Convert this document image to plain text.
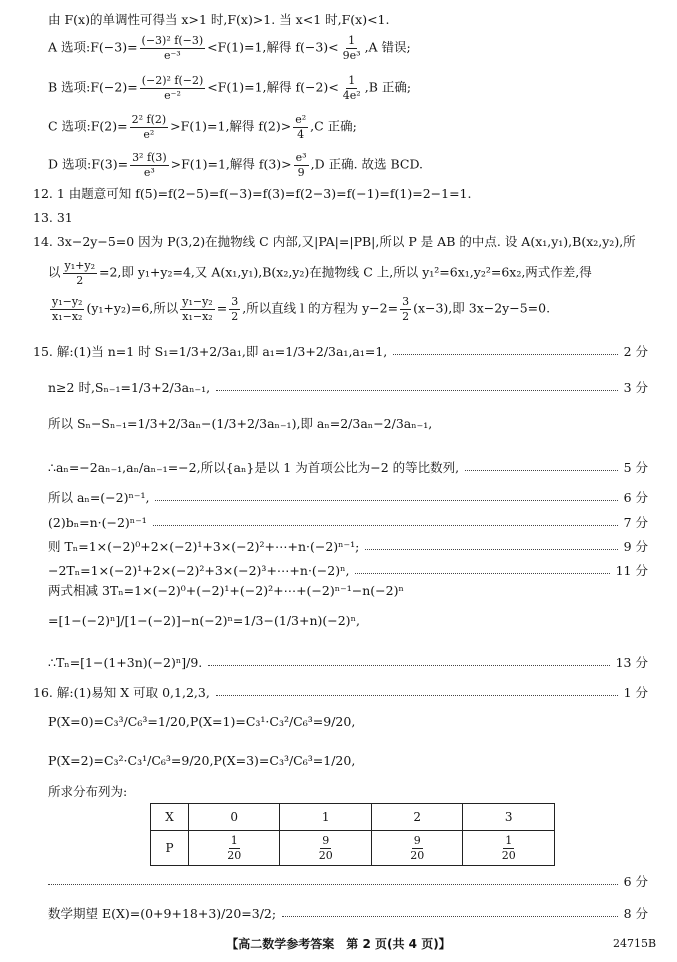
由 F(x)的单调性可得当 x>1 时,F(x)>1. 当 x<1 时,F(x)<1.
A 选项:F(−3)= $\frac{\text{(−3)² f(−3)}}{\text{e⁻³}} <F(1)=1$,解得 $f(-3)< \frac{1}{\text{9e³}} ,A$ 错误;
B 选项:F(−2)= $\frac{\text{(−2)² f(−2)}}{\text{e⁻²}} <F(1)=1$,解得 $f(-2)< \frac{1}{\text{4e²}} ,B$ 正确;
C 选项:F(2)= $\frac{\text{2² f(2)}}{\text{e²}} >F(1)=1$,解得 $f(2)> \frac{\text{e²}}{4} ,C$ 正确;
D 选项:F(3)= $\frac{\text{3² f(3)}}{\text{e³}} >F(1)=1$,解得 $f(3)> \frac{\text{e³}}{9} ,D$ 正确. 故选 BCD.
12. 1 由题意可知 f(5)=f(2−5)=f(−3)=f(3)=f(2−3)=f(−1)=f(1)=2−1=1.
13. 31
14. 3x−2y−5=0 因为 P(3,2)在抛物线 C 内部,又|PA|=|PB|,所以 P 是 AB 的中点. 设 A(x₁,y₁),B(x₂,y₂),所
以 $\frac{\text{y₁+y₂}}{2} =2$,即 y₁+y₂=4,又 A(x₁,y₁),B(x₂,y₂)在抛物线 C 上,所以 y₁²=6x₁,y₂²=6x₂,两式作差,得
$\frac{\text{y₁−y₂}}{\text{x₁−x₂}} (y_1+y_2)=6$,所以 $\frac{\text{y₁−y₂}}{\text{x₁−x₂}} = \frac{3}{2}$ ,所以直线 l 的方程为 $y-2= \frac{3}{2} (x-3)$,即 3x−2y−5=0.
15. 解:(1)当 n=1 时 S₁=1/3+2/3a₁,即 a₁=1/3+2/3a₁,a₁=1,	2 分
n≥2 时,Sₙ₋₁=1/3+2/3aₙ₋₁,	3 分
所以 Sₙ−Sₙ₋₁=1/3+2/3aₙ−(1/3+2/3aₙ₋₁),即 aₙ=2/3aₙ−2/3aₙ₋₁,
∴aₙ=−2aₙ₋₁,aₙ/aₙ₋₁=−2,所以{aₙ}是以 1 为首项公比为−2 的等比数列,	5 分
所以 aₙ=(−2)ⁿ⁻¹,	6 分
(2)bₙ=n·(−2)ⁿ⁻¹	7 分
则 Tₙ=1×(−2)⁰+2×(−2)¹+3×(−2)²+⋯+n·(−2)ⁿ⁻¹;	9 分
−2Tₙ=1×(−2)¹+2×(−2)²+3×(−2)³+⋯+n·(−2)ⁿ,	11 分
两式相减 3Tₙ=1×(−2)⁰+(−2)¹+(−2)²+⋯+(−2)ⁿ⁻¹−n(−2)ⁿ
=[1−(−2)ⁿ]/[1−(−2)]−n(−2)ⁿ=1/3−(1/3+n)(−2)ⁿ,
∴Tₙ=[1−(1+3n)(−2)ⁿ]/9.	13 分
16. 解:(1)易知 X 可取 0,1,2,3,	1 分
P(X=0)=C₃³/C₆³=1/20,P(X=1)=C₃¹·C₃²/C₆³=9/20,
P(X=2)=C₃²·C₃¹/C₆³=9/20,P(X=3)=C₃³/C₆³=1/20,
所求分布列为:
X	0	1	2	3
P	$\frac{1}{20}$	$\frac{9}{20}$	$\frac{9}{20}$	$\frac{1}{20}$
6 分
数学期望 E(X)=(0+9+18+3)/20=3/2;	8 分
【高二数学参考答案　第 2 页(共 4 页)】	24715B
